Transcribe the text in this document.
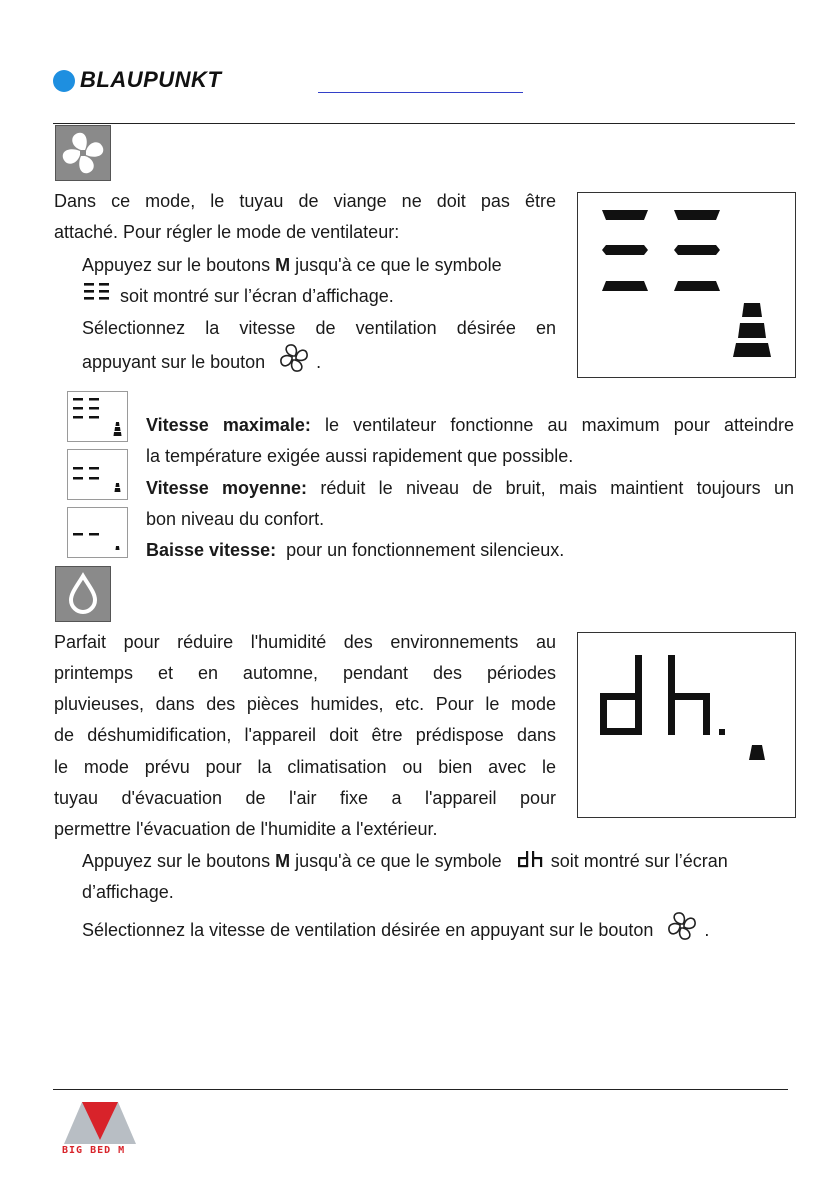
BLAUPUNKT
Dans ce mode, le tuyau de viange ne doit pas être
attaché. Pour régler le mode de ventilateur:
Appuyez sur le boutons M jusqu'à ce que le symbole
soit montré sur l’écran d’affichage.
Sélectionnez la vitesse de ventilation désirée en
appuyant sur le bouton	.
Vitesse maximale: le ventilateur fonctionne au maximum pour atteindre
la température exigée aussi rapidement que possible.
Vitesse moyenne: réduit le niveau de bruit, mais maintient toujours un
bon niveau du confort.
Baisse vitesse:  pour un fonctionnement silencieux.
Parfait pour réduire l'humidité des environnements au
printemps et en automne, pendant des périodes
pluvieuses, dans des pièces humides, etc. Pour le mode
de déshumidification, l'appareil doit être prédispose dans
le mode prévu pour la climatisation ou bien avec le
tuyau d'évacuation de l'air fixe a l'appareil pour
permettre l'évacuation de l'humidite a l'extérieur.
Appuyez sur le boutons M jusqu'à ce que le symbole	soit montré sur l’écran
d’affichage.
Sélectionnez la vitesse de ventilation désirée en appuyant sur le bouton	.
BIG BED M
